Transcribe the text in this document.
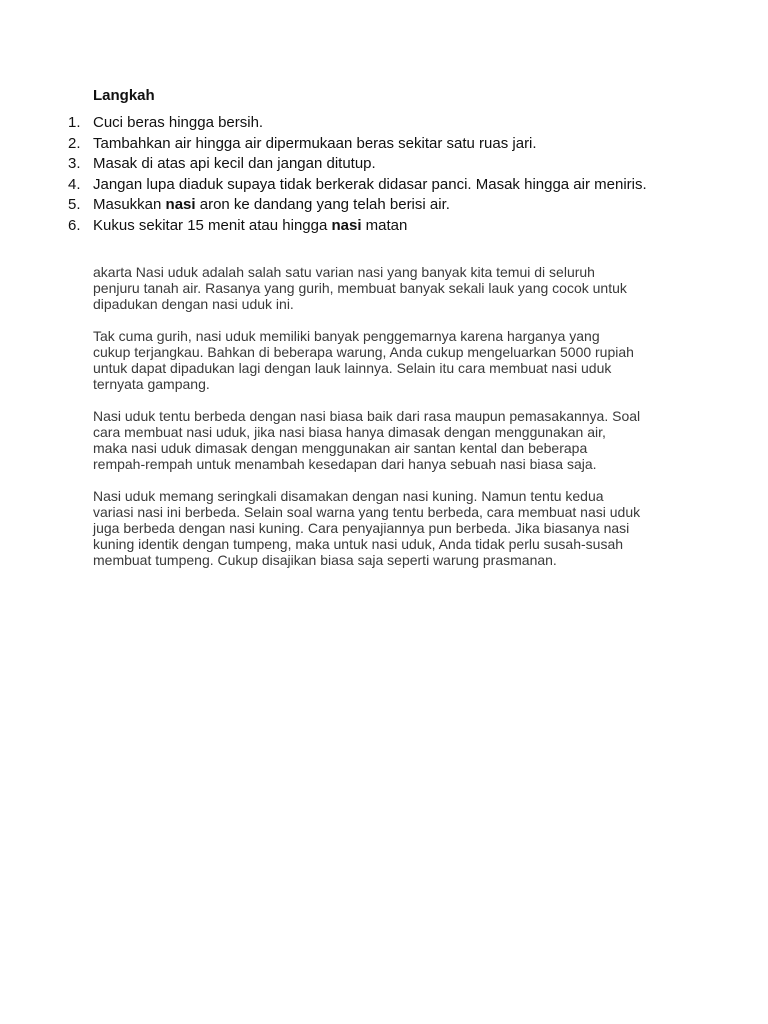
Langkah
1. Cuci beras hingga bersih.
2. Tambahkan air hingga air dipermukaan beras sekitar satu ruas jari.
3. Masak di atas api kecil dan jangan ditutup.
4. Jangan lupa diaduk supaya tidak berkerak didasar panci. Masak hingga air meniris.
5. Masukkan nasi aron ke dandang yang telah berisi air.
6. Kukus sekitar 15 menit atau hingga nasi matan

akarta Nasi uduk adalah salah satu varian nasi yang banyak kita temui di seluruh
penjuru tanah air. Rasanya yang gurih, membuat banyak sekali lauk yang cocok untuk
dipadukan dengan nasi uduk ini.

Tak cuma gurih, nasi uduk memiliki banyak penggemarnya karena harganya yang
cukup terjangkau. Bahkan di beberapa warung, Anda cukup mengeluarkan 5000 rupiah
untuk dapat dipadukan lagi dengan lauk lainnya. Selain itu cara membuat nasi uduk
ternyata gampang.

Nasi uduk tentu berbeda dengan nasi biasa baik dari rasa maupun pemasakannya. Soal
cara membuat nasi uduk, jika nasi biasa hanya dimasak dengan menggunakan air,
maka nasi uduk dimasak dengan menggunakan air santan kental dan beberapa
rempah-rempah untuk menambah kesedapan dari hanya sebuah nasi biasa saja.

Nasi uduk memang seringkali disamakan dengan nasi kuning. Namun tentu kedua
variasi nasi ini berbeda. Selain soal warna yang tentu berbeda, cara membuat nasi uduk
juga berbeda dengan nasi kuning. Cara penyajiannya pun berbeda. Jika biasanya nasi
kuning identik dengan tumpeng, maka untuk nasi uduk, Anda tidak perlu susah-susah
membuat tumpeng. Cukup disajikan biasa saja seperti warung prasmanan.
